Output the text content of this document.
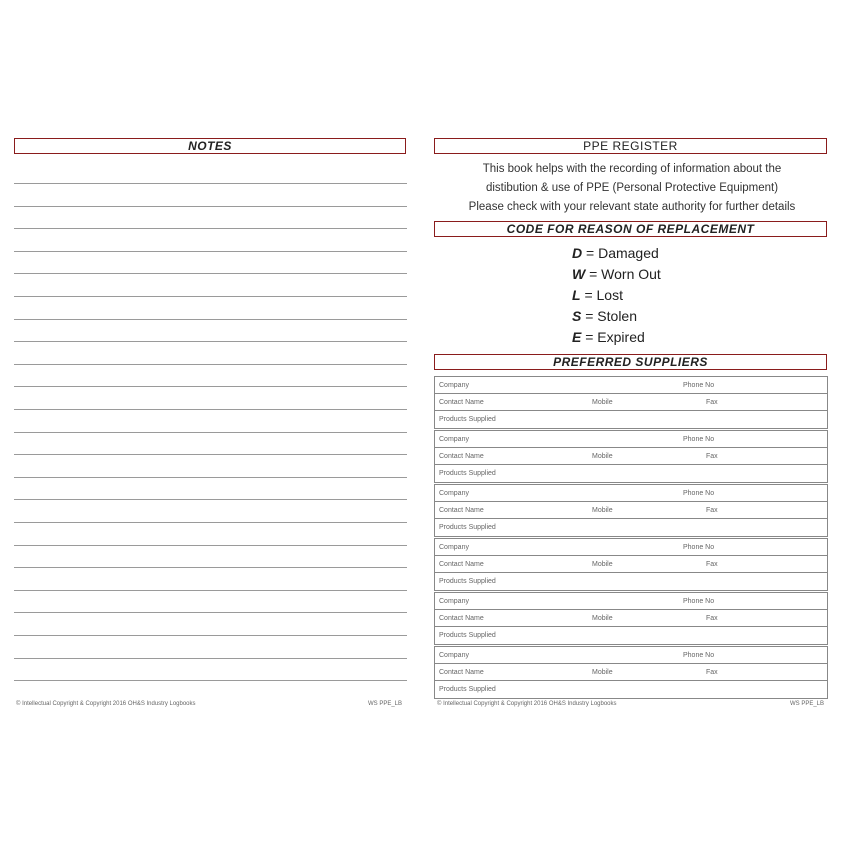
NOTES
© Intellectual Copyright & Copyright 2016 OH&S Industry Logbooks	WS PPE_LB
PPE REGISTER
This book helps with the recording of information about the
distibution & use of PPE (Personal Protective Equipment)
Please check with your relevant state authority for further details
CODE FOR REASON OF REPLACEMENT
D = Damaged
W = Worn Out
L = Lost
S = Stolen
E = Expired
PREFERRED SUPPLIERS
Company	Phone No
Contact Name	Mobile	Fax
Products Supplied
Company	Phone No
Contact Name	Mobile	Fax
Products Supplied
Company	Phone No
Contact Name	Mobile	Fax
Products Supplied
Company	Phone No
Contact Name	Mobile	Fax
Products Supplied
Company	Phone No
Contact Name	Mobile	Fax
Products Supplied
Company	Phone No
Contact Name	Mobile	Fax
Products Supplied
© Intellectual Copyright & Copyright 2016 OH&S Industry Logbooks	WS PPE_LB
